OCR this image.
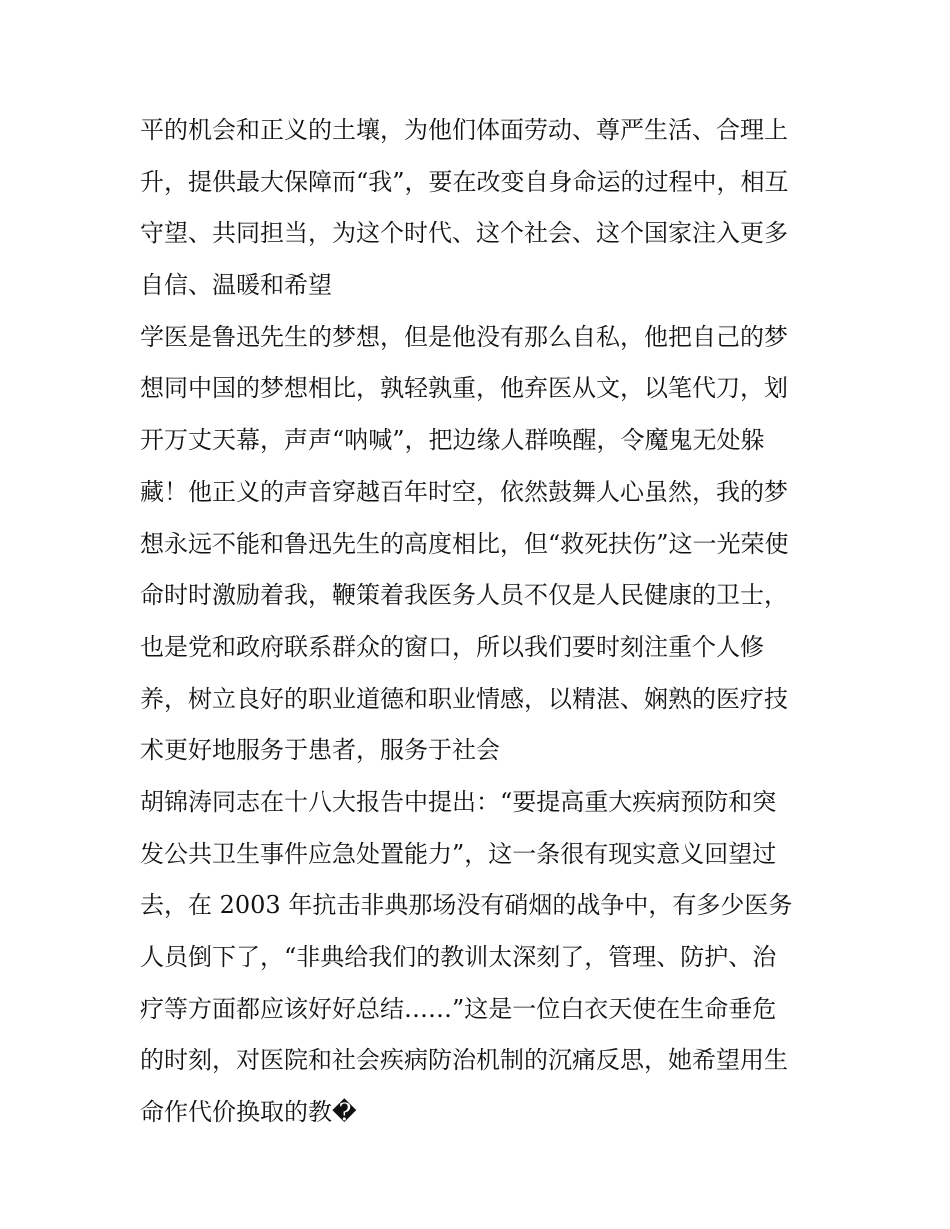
平的机会和正义的土壤，为他们体面劳动、尊严生活、合理上
升，提供最大保障而“我”，要在改变自身命运的过程中，相互
守望、共同担当，为这个时代、这个社会、这个国家注入更多
自信、温暖和希望
学医是鲁迅先生的梦想，但是他没有那么自私，他把自己的梦
想同中国的梦想相比，孰轻孰重，他弃医从文，以笔代刀，划
开万丈天幕，声声“呐喊”，把边缘人群唤醒，令魔鬼无处躲
藏！他正义的声音穿越百年时空，依然鼓舞人心虽然，我的梦
想永远不能和鲁迅先生的高度相比，但“救死扶伤”这一光荣使
命时时激励着我，鞭策着我医务人员不仅是人民健康的卫士，
也是党和政府联系群众的窗口，所以我们要时刻注重个人修
养，树立良好的职业道德和职业情感，以精湛、娴熟的医疗技
术更好地服务于患者，服务于社会
胡锦涛同志在十八大报告中提出：“要提高重大疾病预防和突
发公共卫生事件应急处置能力”，这一条很有现实意义回望过
去，在 2003 年抗击非典那场没有硝烟的战争中，有多少医务
人员倒下了，“非典给我们的教训太深刻了，管理、防护、治
疗等方面都应该好好总结……”这是一位白衣天使在生命垂危
的时刻，对医院和社会疾病防治机制的沉痛反思，她希望用生
命作代价换取的教�
